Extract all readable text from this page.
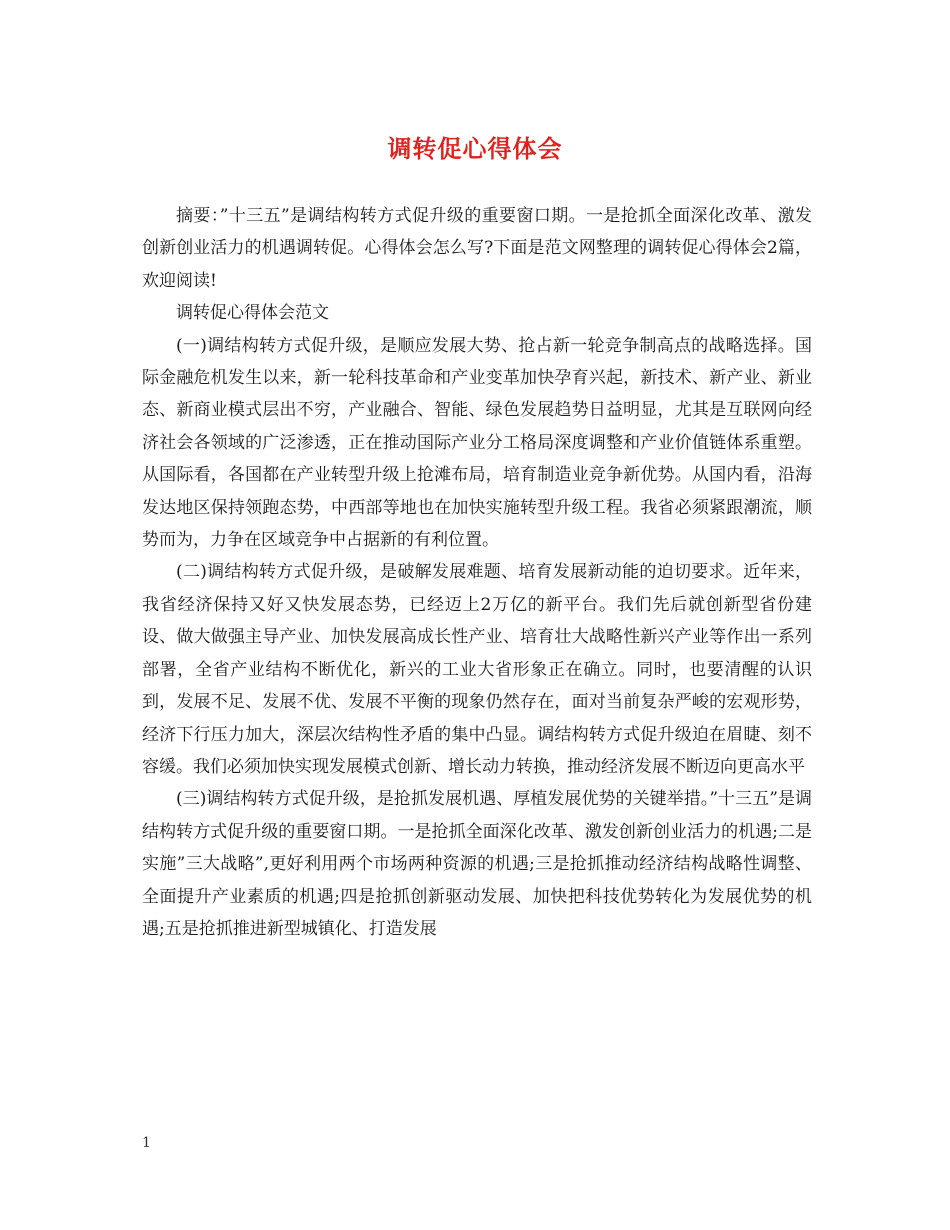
调转促心得体会

摘要：”十三五”是调结构转方式促升级的重要窗口期。一是抢抓全面深化改革、激发创新创业活力的机遇调转促。心得体会怎么写?下面是范文网整理的调转促心得体会2篇，欢迎阅读!

调转促心得体会范文

(一)调结构转方式促升级，是顺应发展大势、抢占新一轮竞争制高点的战略选择。国际金融危机发生以来，新一轮科技革命和产业变革加快孕育兴起，新技术、新产业、新业态、新商业模式层出不穷，产业融合、智能、绿色发展趋势日益明显，尤其是互联网向经济社会各领域的广泛渗透，正在推动国际产业分工格局深度调整和产业价值链体系重塑。从国际看，各国都在产业转型升级上抢滩布局，培育制造业竞争新优势。从国内看，沿海发达地区保持领跑态势，中西部等地也在加快实施转型升级工程。我省必须紧跟潮流，顺势而为，力争在区域竞争中占据新的有利位置。

(二)调结构转方式促升级，是破解发展难题、培育发展新动能的迫切要求。近年来，我省经济保持又好又快发展态势，已经迈上2万亿的新平台。我们先后就创新型省份建设、做大做强主导产业、加快发展高成长性产业、培育壮大战略性新兴产业等作出一系列部署，全省产业结构不断优化，新兴的工业大省形象正在确立。同时，也要清醒的认识到，发展不足、发展不优、发展不平衡的现象仍然存在，面对当前复杂严峻的宏观形势，经济下行压力加大，深层次结构性矛盾的集中凸显。调结构转方式促升级迫在眉睫、刻不容缓。我们必须加快实现发展模式创新、增长动力转换，推动经济发展不断迈向更高水平

(三)调结构转方式促升级，是抢抓发展机遇、厚植发展优势的关键举措。”十三五”是调结构转方式促升级的重要窗口期。一是抢抓全面深化改革、激发创新创业活力的机遇;二是实施”三大战略”,更好利用两个市场两种资源的机遇;三是抢抓推动经济结构战略性调整、全面提升产业素质的机遇;四是抢抓创新驱动发展、加快把科技优势转化为发展优势的机遇;五是抢抓推进新型城镇化、打造发展

1
